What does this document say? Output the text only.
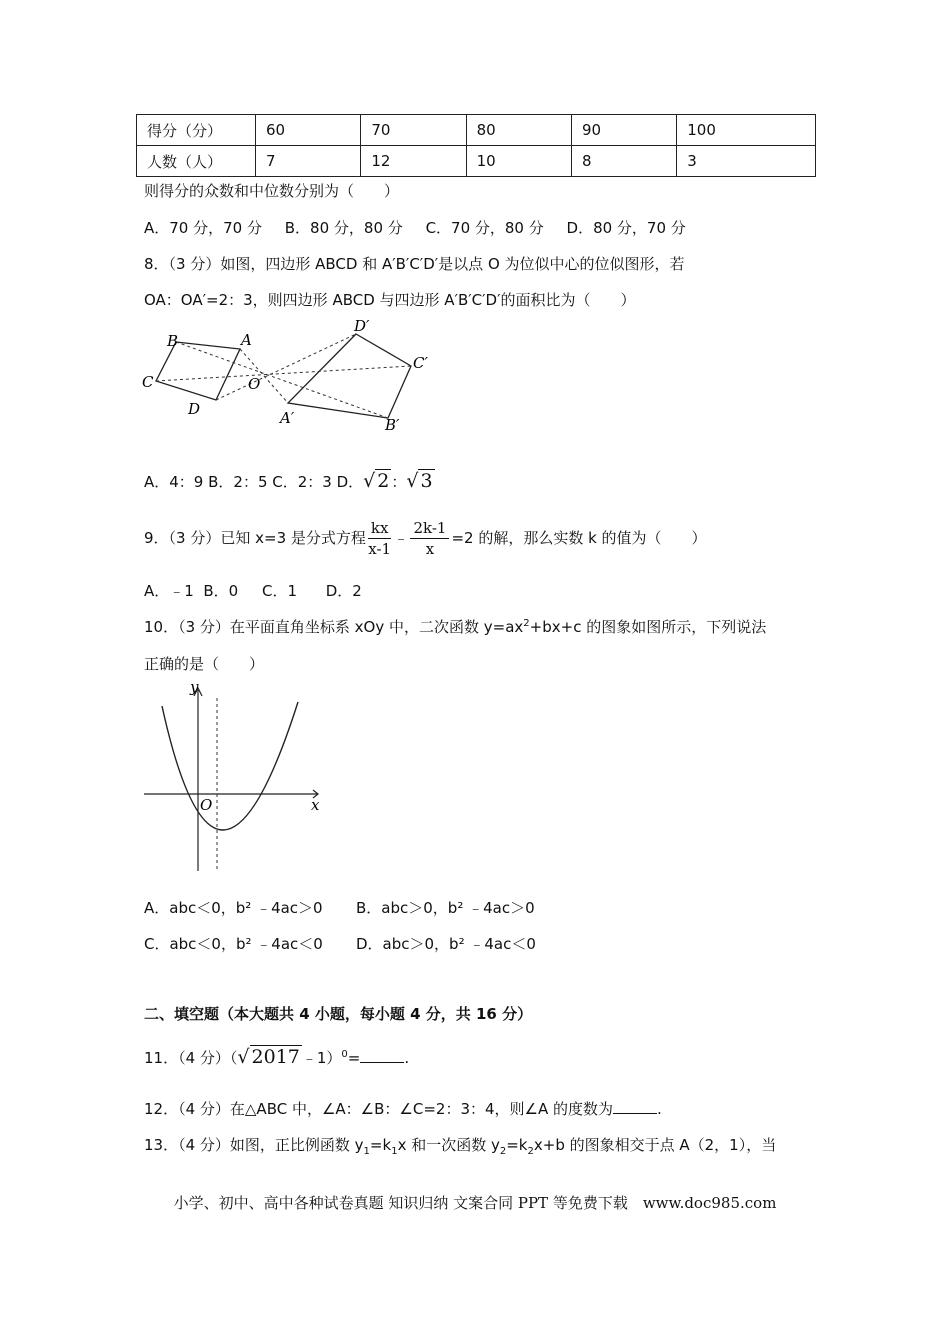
得分（分）	60	70	80	90	100
人数（人）	7	12	10	8	3
则得分的众数和中位数分别为（　　）
A．70 分，70 分 B．80 分，80 分 C．70 分，80 分 D．80 分，70 分
8．（3 分）如图，四边形 ABCD 和 A′B′C′D′是以点 O 为位似中心的位似图形，若
OA：OA′=2：3，则四边形 ABCD 与四边形 A′B′C′D′的面积比为（　　）
B	A
C	O
D
D′
C′
A′	B′
A．4：9 B．2：5 C．2：3 D．√ 2 ：√ 3
9．（3 分）已知 x=3 是分式方程 $\frac{kx}{x-1}$ ﹣ $\frac{2k-1}{x} =2$ 的解，那么实数 k 的值为（　　）
A．﹣1 B．0 C．1 D．2
10．（3 分）在平面直角坐标系 xOy 中，二次函数 $y=ax^2+bx+c$ 的图象如图所示，下列说法
正确的是（　　）
y
O	x
A．abc＜0，b² ﹣4ac＞0 B．abc＞0，b² ﹣4ac＞0
C．abc＜0，b² ﹣4ac＜0 D．abc＞0，b² ﹣4ac＜0
二、填空题（本大题共 4 小题，每小题 4 分，共 16 分）
11．（4 分）（√ 2017 ﹣1）$^0$=	.
12．（4 分）在△ABC 中，∠A：∠B：∠C=2：3：4，则∠A 的度数为	.
13．（4 分）如图，正比例函数 $y_1=k_1x$ 和一次函数 $y_2=k_2x+b$ 的图象相交于点 A（2，1），当
小学、初中、高中各种试卷真题 知识归纳 文案合同 PPT 等免费下载　www.doc985.com
